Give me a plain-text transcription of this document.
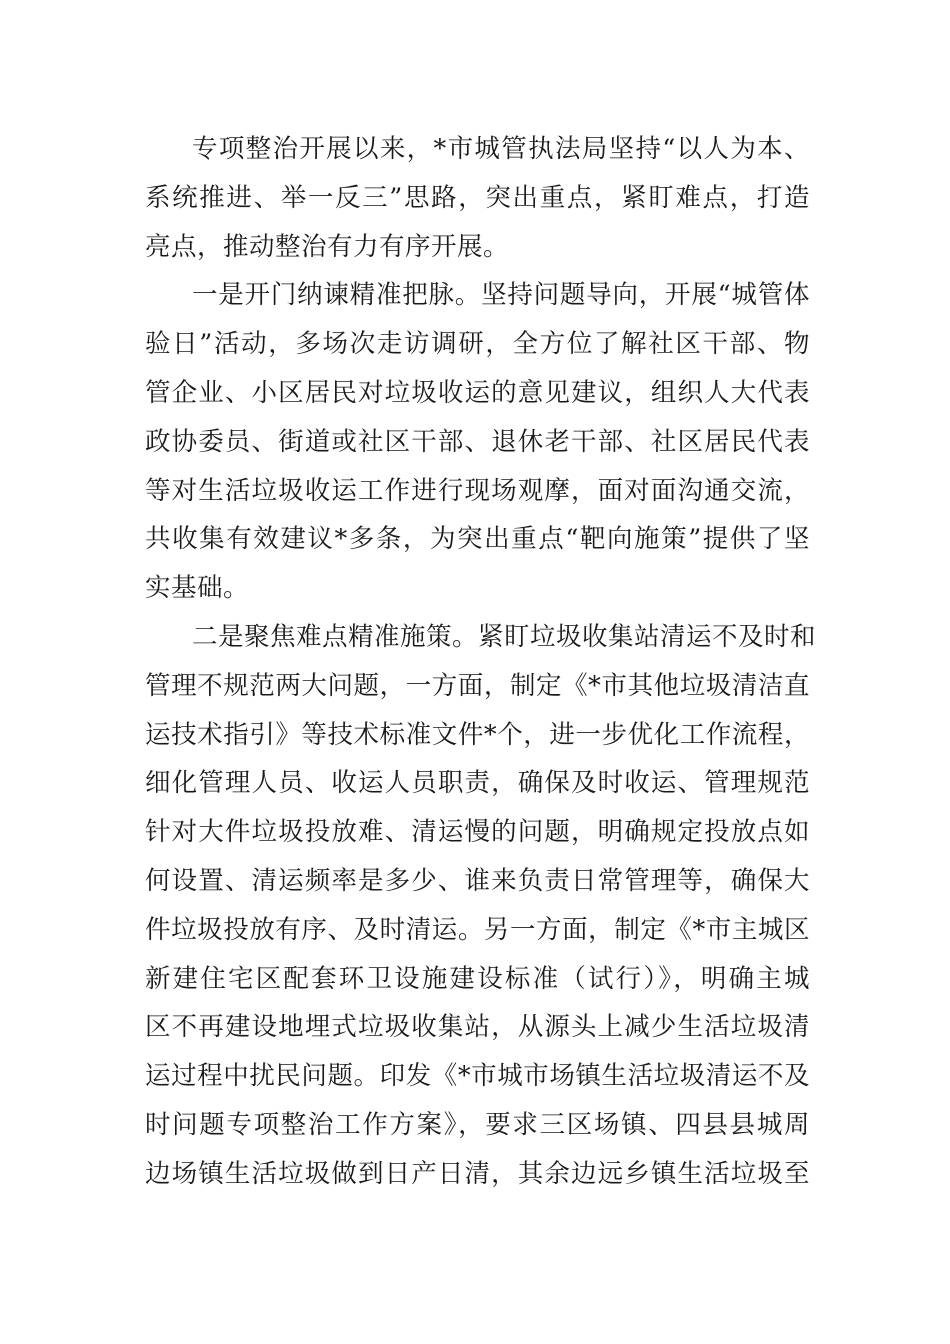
专项整治开展以来，*市城管执法局坚持“以人为本、
系统推进、举一反三”思路，突出重点，紧盯难点，打造
亮点，推动整治有力有序开展。
一是开门纳谏精准把脉。坚持问题导向，开展“城管体
验日”活动，多场次走访调研，全方位了解社区干部、物
管企业、小区居民对垃圾收运的意见建议，组织人大代表
政协委员、街道或社区干部、退休老干部、社区居民代表
等对生活垃圾收运工作进行现场观摩，面对面沟通交流，
共收集有效建议*多条，为突出重点“靶向施策”提供了坚
实基础。
二是聚焦难点精准施策。紧盯垃圾收集站清运不及时和
管理不规范两大问题，一方面，制定《*市其他垃圾清洁直
运技术指引》等技术标准文件*个，进一步优化工作流程，
细化管理人员、收运人员职责，确保及时收运、管理规范
针对大件垃圾投放难、清运慢的问题，明确规定投放点如
何设置、清运频率是多少、谁来负责日常管理等，确保大
件垃圾投放有序、及时清运。另一方面，制定《*市主城区
新建住宅区配套环卫设施建设标准（试行）》，明确主城
区不再建设地埋式垃圾收集站，从源头上减少生活垃圾清
运过程中扰民问题。印发《*市城市场镇生活垃圾清运不及
时问题专项整治工作方案》，要求三区场镇、四县县城周
边场镇生活垃圾做到日产日清，其余边远乡镇生活垃圾至
